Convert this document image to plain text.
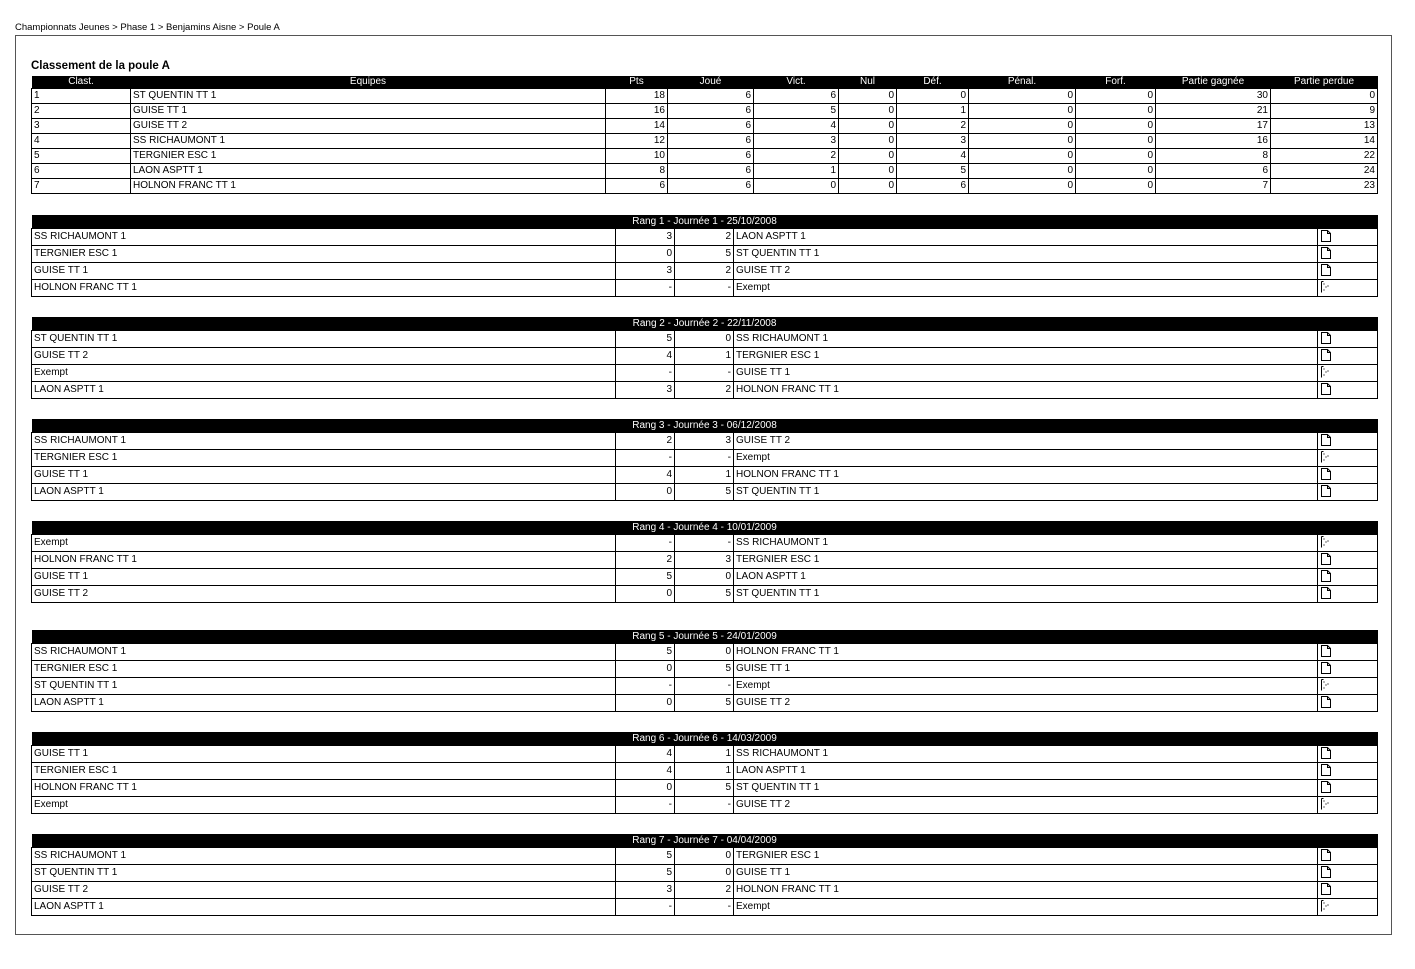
Championnats Jeunes > Phase 1 > Benjamins Aisne > Poule A
Classement de la poule A
Clast.	Equipes	Pts	Joué	Vict.	Nul	Déf.	Pénal.	Forf.	Partie gagnée	Partie perdue
1	ST QUENTIN TT 1	18	6	6	0	0	0	0	30	0
2	GUISE TT 1	16	6	5	0	1	0	0	21	9
3	GUISE TT 2	14	6	4	0	2	0	0	17	13
4	SS RICHAUMONT 1	12	6	3	0	3	0	0	16	14
5	TERGNIER ESC 1	10	6	2	0	4	0	0	8	22
6	LAON ASPTT 1	8	6	1	0	5	0	0	6	24
7	HOLNON FRANC TT 1	6	6	0	0	6	0	0	7	23
Rang 1 - Journée 1 - 25/10/2008				
SS RICHAUMONT 1	3	2	LAON ASPTT 1	
TERGNIER ESC 1	0	5	ST QUENTIN TT 1	
GUISE TT 1	3	2	GUISE TT 2	
HOLNON FRANC TT 1	-	-	Exempt	
Rang 2 - Journée 2 - 22/11/2008				
ST QUENTIN TT 1	5	0	SS RICHAUMONT 1	
GUISE TT 2	4	1	TERGNIER ESC 1	
Exempt	-	-	GUISE TT 1	
LAON ASPTT 1	3	2	HOLNON FRANC TT 1	
Rang 3 - Journée 3 - 06/12/2008				
SS RICHAUMONT 1	2	3	GUISE TT 2	
TERGNIER ESC 1	-	-	Exempt	
GUISE TT 1	4	1	HOLNON FRANC TT 1	
LAON ASPTT 1	0	5	ST QUENTIN TT 1	
Rang 4 - Journée 4 - 10/01/2009				
Exempt	-	-	SS RICHAUMONT 1	
HOLNON FRANC TT 1	2	3	TERGNIER ESC 1	
GUISE TT 1	5	0	LAON ASPTT 1	
GUISE TT 2	0	5	ST QUENTIN TT 1	
Rang 5 - Journée 5 - 24/01/2009				
SS RICHAUMONT 1	5	0	HOLNON FRANC TT 1	
TERGNIER ESC 1	0	5	GUISE TT 1	
ST QUENTIN TT 1	-	-	Exempt	
LAON ASPTT 1	0	5	GUISE TT 2	
Rang 6 - Journée 6 - 14/03/2009				
GUISE TT 1	4	1	SS RICHAUMONT 1	
TERGNIER ESC 1	4	1	LAON ASPTT 1	
HOLNON FRANC TT 1	0	5	ST QUENTIN TT 1	
Exempt	-	-	GUISE TT 2	
Rang 7 - Journée 7 - 04/04/2009				
SS RICHAUMONT 1	5	0	TERGNIER ESC 1	
ST QUENTIN TT 1	5	0	GUISE TT 1	
GUISE TT 2	3	2	HOLNON FRANC TT 1	
LAON ASPTT 1	-	-	Exempt	
